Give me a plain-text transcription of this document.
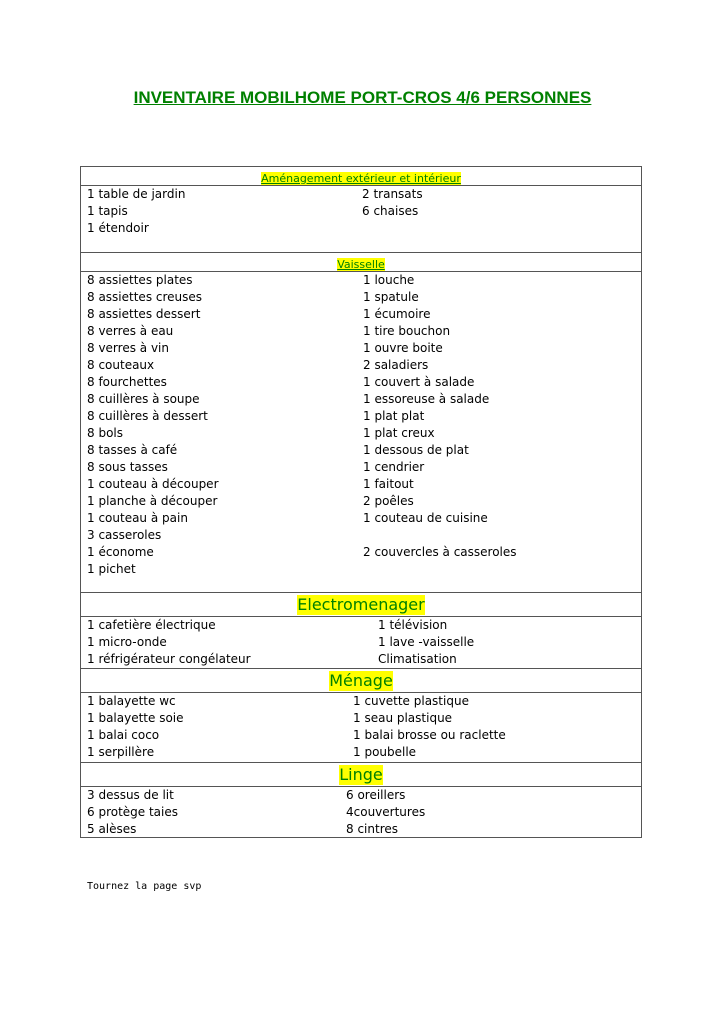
INVENTAIRE MOBILHOME PORT-CROS 4/6 PERSONNES
Aménagement extérieur et intérieur
1 table de jardin	2 transats
1 tapis	6 chaises
1 étendoir
Vaisselle
8 assiettes plates	1 louche
8 assiettes creuses	1 spatule
8 assiettes dessert	1 écumoire
8 verres à eau	1 tire bouchon
8 verres à vin	1 ouvre boite
8 couteaux	2 saladiers
8 fourchettes	1 couvert à salade
8 cuillères à soupe	1 essoreuse à salade
8 cuillères à dessert	1 plat plat
8 bols	1 plat creux
8 tasses à café	1 dessous de plat
8 sous tasses	1 cendrier
1 couteau à découper	1 faitout
1 planche à découper	2 poêles
1 couteau à pain	1 couteau de cuisine
3 casseroles
1 économe	2 couvercles à casseroles
1 pichet
Electromenager
1 cafetière électrique	1 télévision
1 micro-onde	1 lave -vaisselle
1 réfrigérateur congélateur	Climatisation
Ménage
1 balayette wc	1 cuvette plastique
1 balayette soie	1 seau plastique
1 balai coco	1 balai brosse ou raclette
1 serpillère	1 poubelle
Linge
3 dessus de lit	6 oreillers
6 protège taies	4couvertures
5 alèses	8 cintres
Tournez la page svp
